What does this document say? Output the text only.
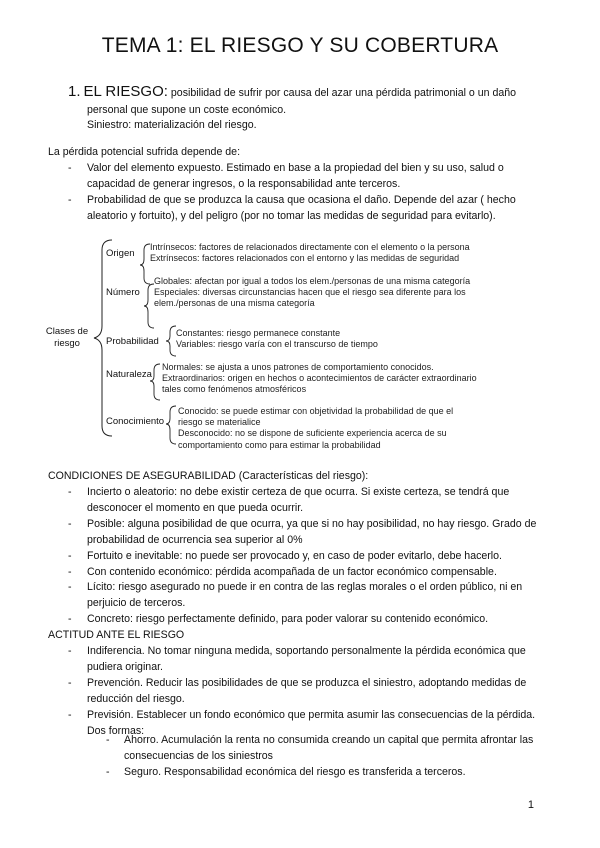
TEMA 1: EL RIESGO Y SU COBERTURA
1. EL RIESGO: posibilidad de sufrir por causa del azar una pérdida patrimonial o un daño
personal que supone un coste económico.
Siniestro: materialización del riesgo.
La pérdida potencial sufrida depende de:
- Valor del elemento expuesto. Estimado en base a la propiedad del bien y su uso, salud o
capacidad de generar ingresos, o la responsabilidad ante terceros.
- Probabilidad de que se produzca la causa que ocasiona el daño. Depende del azar ( hecho
aleatorio y fortuito), y del peligro (por no tomar las medidas de seguridad para evitarlo).
Clases de
riesgo
Origen
Intrínsecos: factores de relacionados directamente con el elemento o la persona
Extrínsecos: factores relacionados con el entorno y las medidas de seguridad
Número
Globales: afectan por igual a todos los elem./personas de una misma categoría
Especiales: diversas circunstancias hacen que el riesgo sea diferente para los
elem./personas de una misma categoría
Probabilidad
Constantes: riesgo permanece constante
Variables: riesgo varía con el transcurso de tiempo
Naturaleza
Normales: se ajusta a unos patrones de comportamiento conocidos.
Extraordinarios: origen en hechos o acontecimientos de carácter extraordinario
tales como fenómenos atmosféricos
Conocimiento
Conocido: se puede estimar con objetividad la probabilidad de que el
riesgo se materialice
Desconocido: no se dispone de suficiente experiencia acerca de su
comportamiento como para estimar la probabilidad
CONDICIONES DE ASEGURABILIDAD (Características del riesgo):
- Incierto o aleatorio: no debe existir certeza de que ocurra. Si existe certeza, se tendrá que
desconocer el momento en que pueda ocurrir.
- Posible: alguna posibilidad de que ocurra, ya que si no hay posibilidad, no hay riesgo. Grado de
probabilidad de ocurrencia sea superior al 0%
- Fortuito e inevitable: no puede ser provocado y, en caso de poder evitarlo, debe hacerlo.
- Con contenido económico: pérdida acompañada de un factor económico compensable.
- Lícito: riesgo asegurado no puede ir en contra de las reglas morales o el orden público, ni en
perjuicio de terceros.
- Concreto: riesgo perfectamente definido, para poder valorar su contenido económico.
ACTITUD ANTE EL RIESGO
- Indiferencia. No tomar ninguna medida, soportando personalmente la pérdida económica que
pudiera originar.
- Prevención. Reducir las posibilidades de que se produzca el siniestro, adoptando medidas de
reducción del riesgo.
- Previsión. Establecer un fondo económico que permita asumir las consecuencias de la pérdida.
Dos formas:
- Ahorro. Acumulación la renta no consumida creando un capital que permita afrontar las
consecuencias de los siniestros
- Seguro. Responsabilidad económica del riesgo es transferida a terceros.
1
